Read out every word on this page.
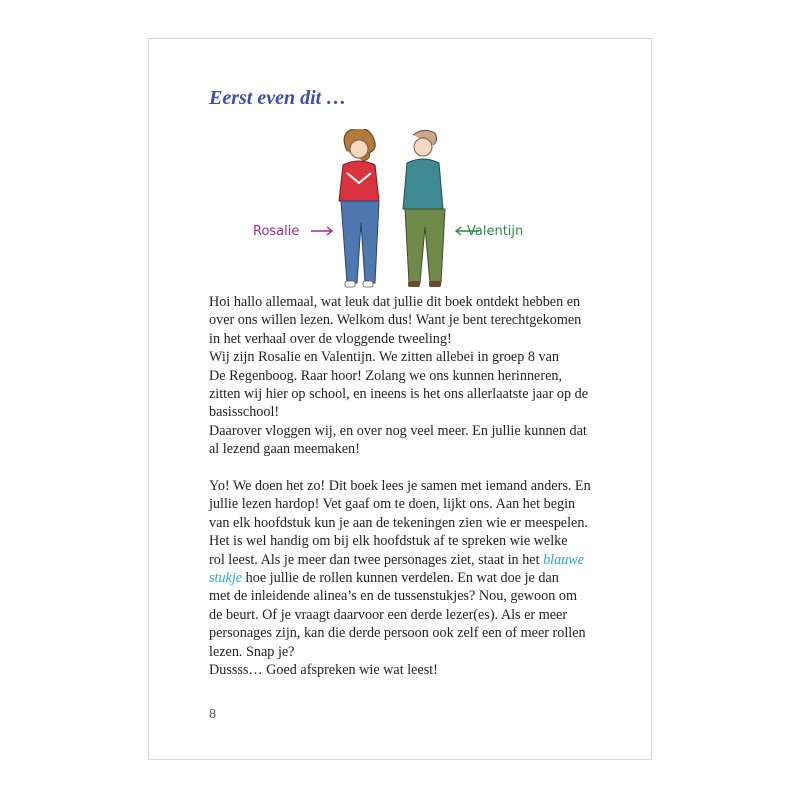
Eerst even dit …
Rosalie	Valentijn

Hoi hallo allemaal, wat leuk dat jullie dit boek ontdekt hebben en

over ons willen lezen. Welkom dus! Want je bent terechtgekomen

in het verhaal over de vloggende tweeling!

Wij zijn Rosalie en Valentijn. We zitten allebei in groep 8 van

De Regenboog. Raar hoor! Zolang we ons kunnen herinneren,

zitten wij hier op school, en ineens is het ons allerlaatste jaar op de

basisschool!

Daarover vloggen wij, en over nog veel meer. En jullie kunnen dat

al lezend gaan meemaken!

Yo! We doen het zo! Dit boek lees je samen met iemand anders. En

jullie lezen hardop! Vet gaaf om te doen, lijkt ons. Aan het begin

van elk hoofdstuk kun je aan de tekeningen zien wie er meespelen.

Het is wel handig om bij elk hoofdstuk af te spreken wie welke

rol leest. Als je meer dan twee personages ziet, staat in het blauwe

stukje hoe jullie de rollen kunnen verdelen. En wat doe je dan

met de inleidende alinea’s en de tussenstukjes? Nou, gewoon om

de beurt. Of je vraagt daarvoor een derde lezer(es). Als er meer

personages zijn, kan die derde persoon ook zelf een of meer rollen

lezen. Snap je?

Dussss… Goed afspreken wie wat leest!

8
